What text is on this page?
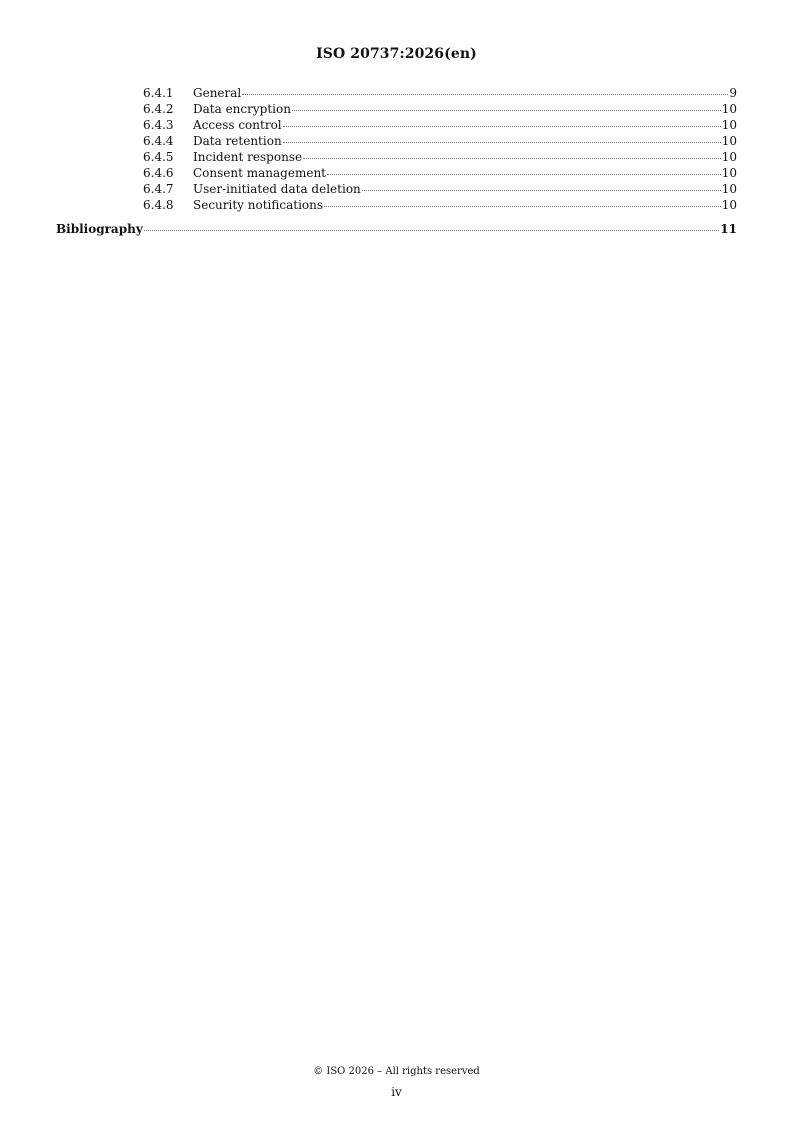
ISO 20737:2026(en)
6.4.1	General	9
6.4.2	Data encryption	10
6.4.3	Access control	10
6.4.4	Data retention	10
6.4.5	Incident response	10
6.4.6	Consent management	10
6.4.7	User-initiated data deletion	10
6.4.8	Security notifications	10
Bibliography	11
© ISO 2026 – All rights reserved
iv
